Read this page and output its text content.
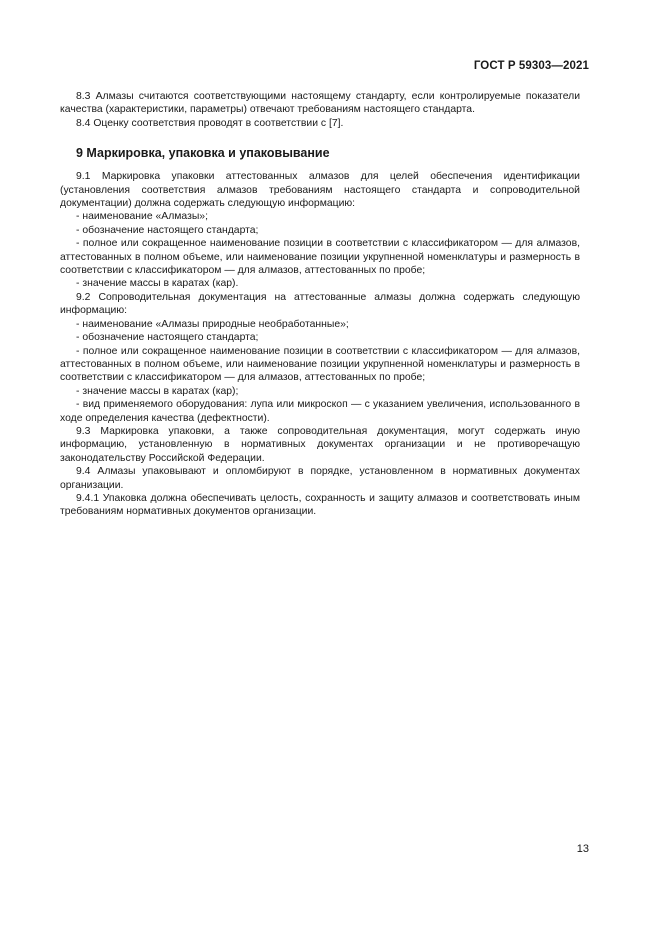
ГОСТ Р 59303—2021

8.3 Алмазы считаются соответствующими настоящему стандарту, если контролируемые показатели качества (характеристики, параметры) отвечают требованиям настоящего стандарта.

8.4 Оценку соответствия проводят в соответствии с [7].

9 Маркировка, упаковка и упаковывание

9.1 Маркировка упаковки аттестованных алмазов для целей обеспечения идентификации (установления соответствия алмазов требованиям настоящего стандарта и сопроводительной документации) должна содержать следующую информацию:

- наименование «Алмазы»;

- обозначение настоящего стандарта;

- полное или сокращенное наименование позиции в соответствии с классификатором — для алмазов, аттестованных в полном объеме, или наименование позиции укрупненной номенклатуры и размерность в соответствии с классификатором — для алмазов, аттестованных по пробе;

- значение массы в каратах (кар).

9.2 Сопроводительная документация на аттестованные алмазы должна содержать следующую информацию:

- наименование «Алмазы природные необработанные»;

- обозначение настоящего стандарта;

- полное или сокращенное наименование позиции в соответствии с классификатором — для алмазов, аттестованных в полном объеме, или наименование позиции укрупненной номенклатуры и размерность в соответствии с классификатором — для алмазов, аттестованных по пробе;

- значение массы в каратах (кар);

- вид применяемого оборудования: лупа или микроскоп — с указанием увеличения, использованного в ходе определения качества (дефектности).

9.3 Маркировка упаковки, а также сопроводительная документация, могут содержать иную информацию, установленную в нормативных документах организации и не противоречащую законодательству Российской Федерации.

9.4 Алмазы упаковывают и опломбируют в порядке, установленном в нормативных документах организации.

9.4.1 Упаковка должна обеспечивать целость, сохранность и защиту алмазов и соответствовать иным требованиям нормативных документов организации.

13
